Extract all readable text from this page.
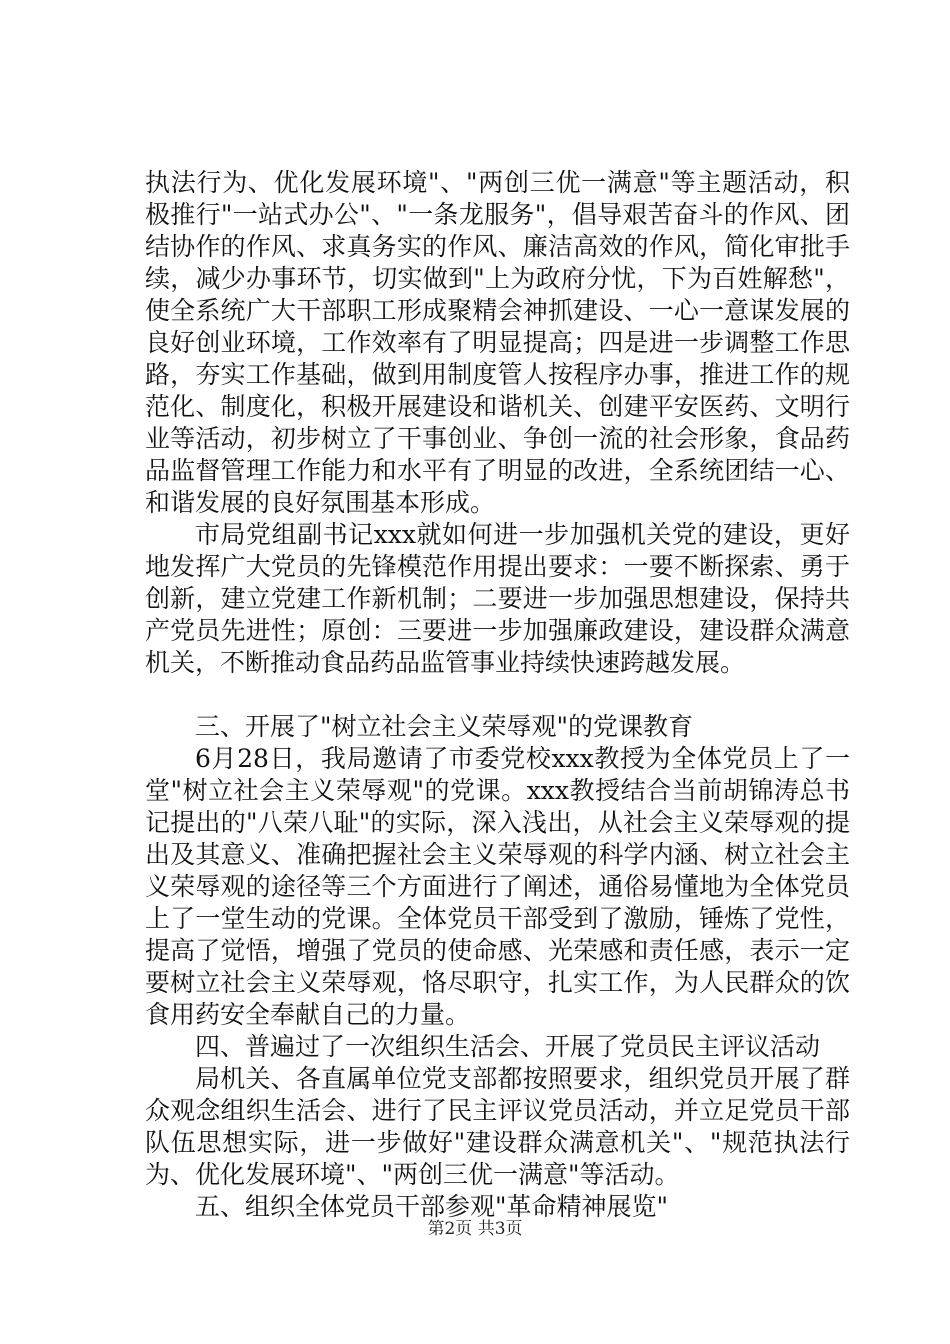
执法行为、优化发展环境"、"两创三优一满意"等主题活动，积极推行"一站式办公"、"一条龙服务"，倡导艰苦奋斗的作风、团结协作的作风、求真务实的作风、廉洁高效的作风，简化审批手续，减少办事环节，切实做到"上为政府分忧，下为百姓解愁"，使全系统广大干部职工形成聚精会神抓建设、一心一意谋发展的良好创业环境，工作效率有了明显提高；四是进一步调整工作思路，夯实工作基础，做到用制度管人按程序办事，推进工作的规范化、制度化，积极开展建设和谐机关、创建平安医药、文明行业等活动，初步树立了干事创业、争创一流的社会形象，食品药品监督管理工作能力和水平有了明显的改进，全系统团结一心、和谐发展的良好氛围基本形成。

市局党组副书记xxx就如何进一步加强机关党的建设，更好地发挥广大党员的先锋模范作用提出要求：一要不断探索、勇于创新，建立党建工作新机制；二要进一步加强思想建设，保持共产党员先进性；原创：三要进一步加强廉政建设，建设群众满意机关，不断推动食品药品监管事业持续快速跨越发展。

三、开展了"树立社会主义荣辱观"的党课教育

6月28日，我局邀请了市委党校xxx教授为全体党员上了一堂"树立社会主义荣辱观"的党课。xxx教授结合当前胡锦涛总书记提出的"八荣八耻"的实际，深入浅出，从社会主义荣辱观的提出及其意义、准确把握社会主义荣辱观的科学内涵、树立社会主义荣辱观的途径等三个方面进行了阐述，通俗易懂地为全体党员上了一堂生动的党课。全体党员干部受到了激励，锤炼了党性，提高了觉悟，增强了党员的使命感、光荣感和责任感，表示一定要树立社会主义荣辱观，恪尽职守，扎实工作，为人民群众的饮食用药安全奉献自己的力量。

四、普遍过了一次组织生活会、开展了党员民主评议活动

局机关、各直属单位党支部都按照要求，组织党员开展了群众观念组织生活会、进行了民主评议党员活动，并立足党员干部队伍思想实际，进一步做好"建设群众满意机关"、"规范执法行为、优化发展环境"、"两创三优一满意"等活动。

五、组织全体党员干部参观"革命精神展览"

第2页 共3页
